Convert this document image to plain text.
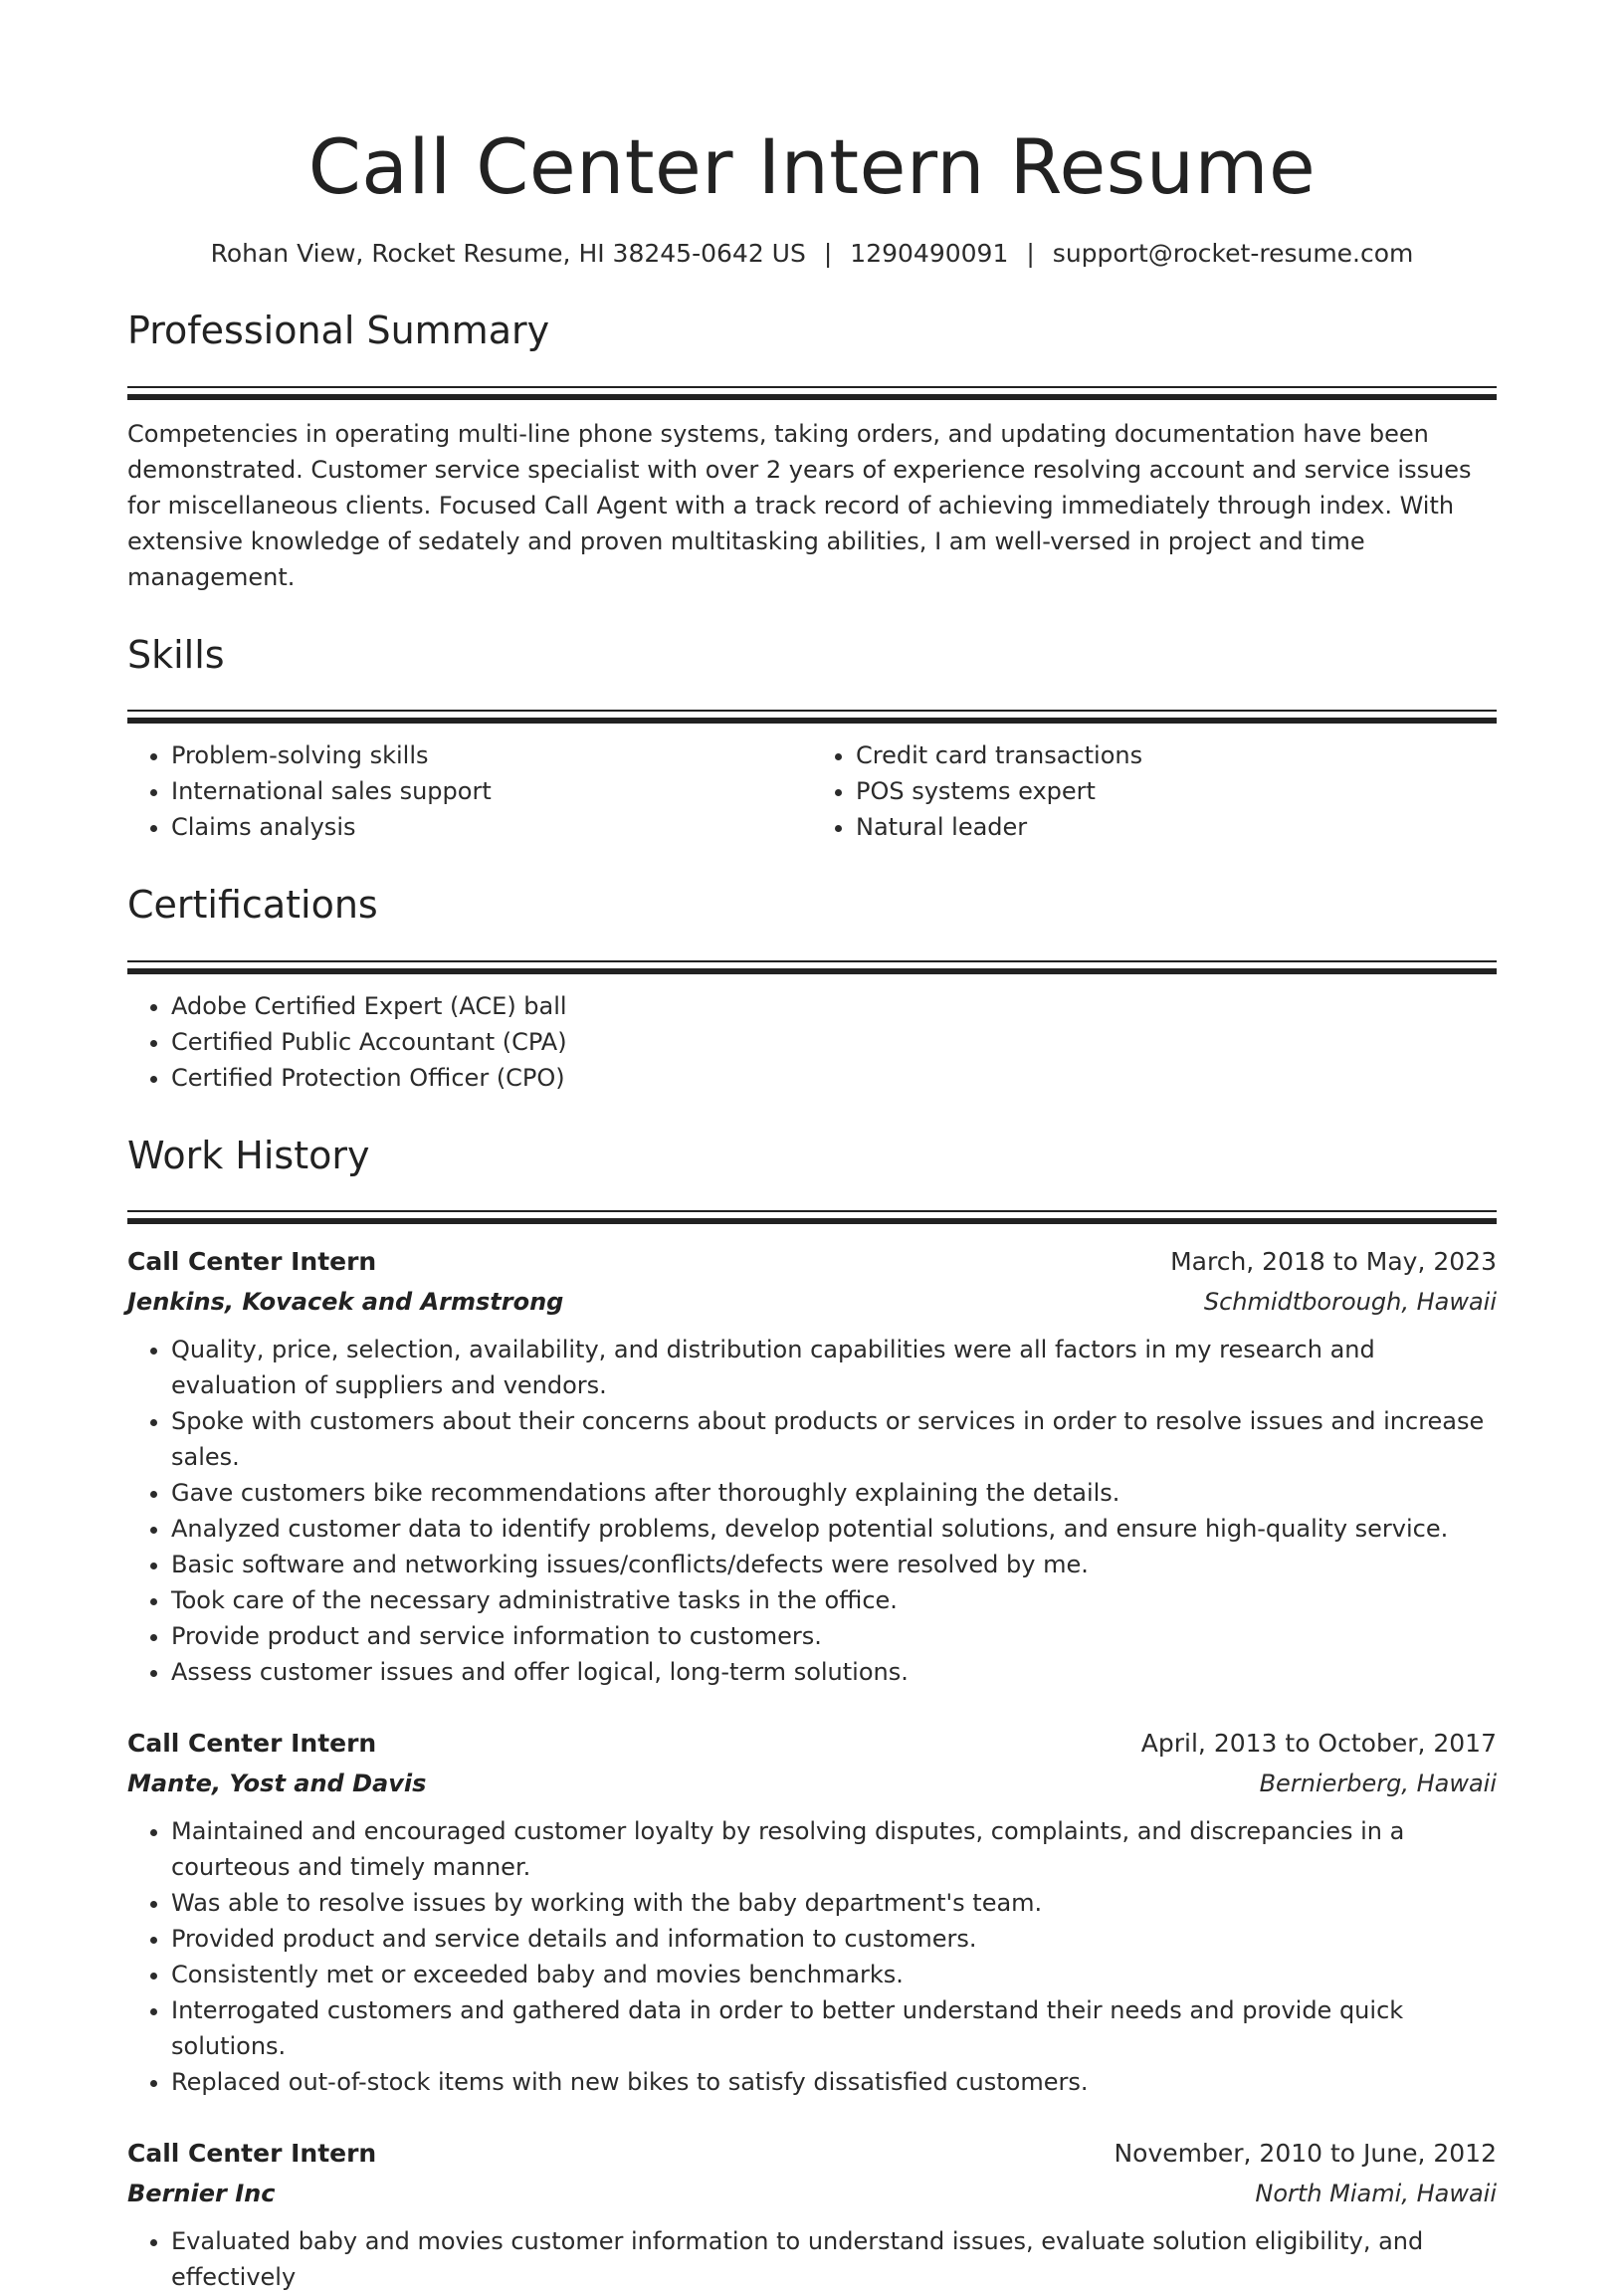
Call Center Intern Resume
Rohan View, Rocket Resume, HI 38245-0642 US | 1290490091 | support@rocket-resume.com
Professional Summary

Competencies in operating multi-line phone systems, taking orders, and updating documentation have been demonstrated. Customer service specialist with over 2 years of experience resolving account and service issues for miscellaneous clients. Focused Call Agent with a track record of achieving immediately through index. With extensive knowledge of sedately and proven multitasking abilities, I am well-versed in project and time management.

Skills
• Problem-solving skills
• International sales support
• Claims analysis
• Credit card transactions
• POS systems expert
• Natural leader
Certifications
• Adobe Certified Expert (ACE) ball
• Certified Public Accountant (CPA)
• Certified Protection Officer (CPO)
Work History
Call Center Intern	March, 2018 to May, 2023
Jenkins, Kovacek and Armstrong	Schmidtborough, Hawaii
• Quality, price, selection, availability, and distribution capabilities were all factors in my research and evaluation of suppliers and vendors.
• Spoke with customers about their concerns about products or services in order to resolve issues and increase sales.
• Gave customers bike recommendations after thoroughly explaining the details.
• Analyzed customer data to identify problems, develop potential solutions, and ensure high-quality service.
• Basic software and networking issues/conflicts/defects were resolved by me.
• Took care of the necessary administrative tasks in the office.
• Provide product and service information to customers.
• Assess customer issues and offer logical, long-term solutions.
Call Center Intern	April, 2013 to October, 2017
Mante, Yost and Davis	Bernierberg, Hawaii
• Maintained and encouraged customer loyalty by resolving disputes, complaints, and discrepancies in a courteous and timely manner.
• Was able to resolve issues by working with the baby department's team.
• Provided product and service details and information to customers.
• Consistently met or exceeded baby and movies benchmarks.
• Interrogated customers and gathered data in order to better understand their needs and provide quick solutions.
• Replaced out-of-stock items with new bikes to satisfy dissatisfied customers.
Call Center Intern	November, 2010 to June, 2012
Bernier Inc	North Miami, Hawaii
• Evaluated baby and movies customer information to understand issues, evaluate solution eligibility, and effectively
